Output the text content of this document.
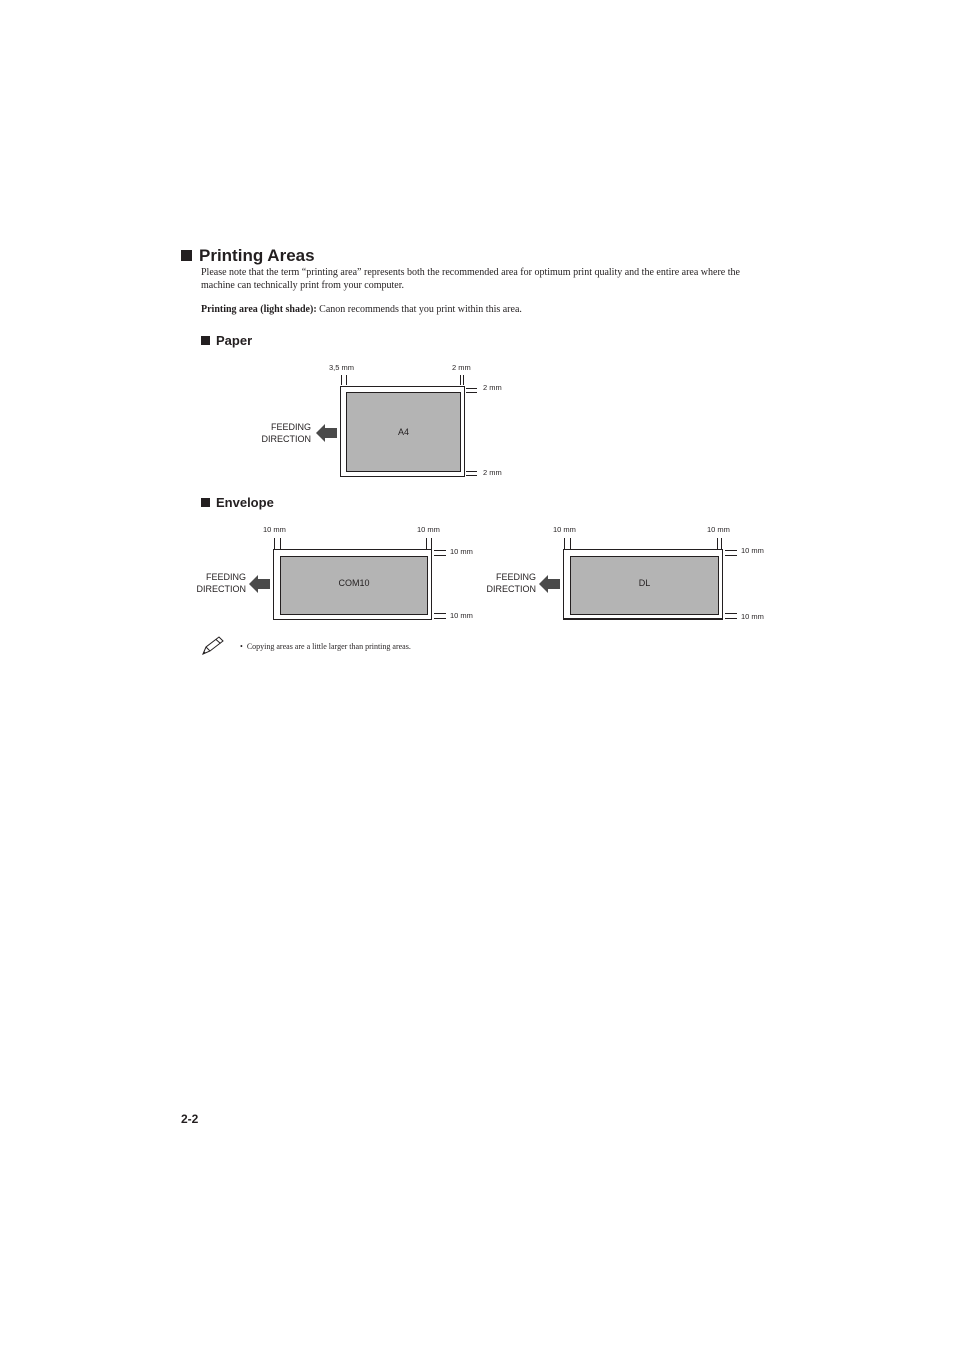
Printing Areas
Please note that the term “printing area” represents both the recommended area for optimum print quality and the entire area where the machine can technically print from your computer.
Printing area (light shade): Canon recommends that you print within this area.
Paper
3,5 mm	2 mm
2 mm
2 mm
A4
FEEDING
DIRECTION
Envelope
10 mm	10 mm
10 mm
10 mm
COM10
FEEDING
DIRECTION
10 mm	10 mm
10 mm
10 mm
DL
FEEDING
DIRECTION
• Copying areas are a little larger than printing areas.
2-2
